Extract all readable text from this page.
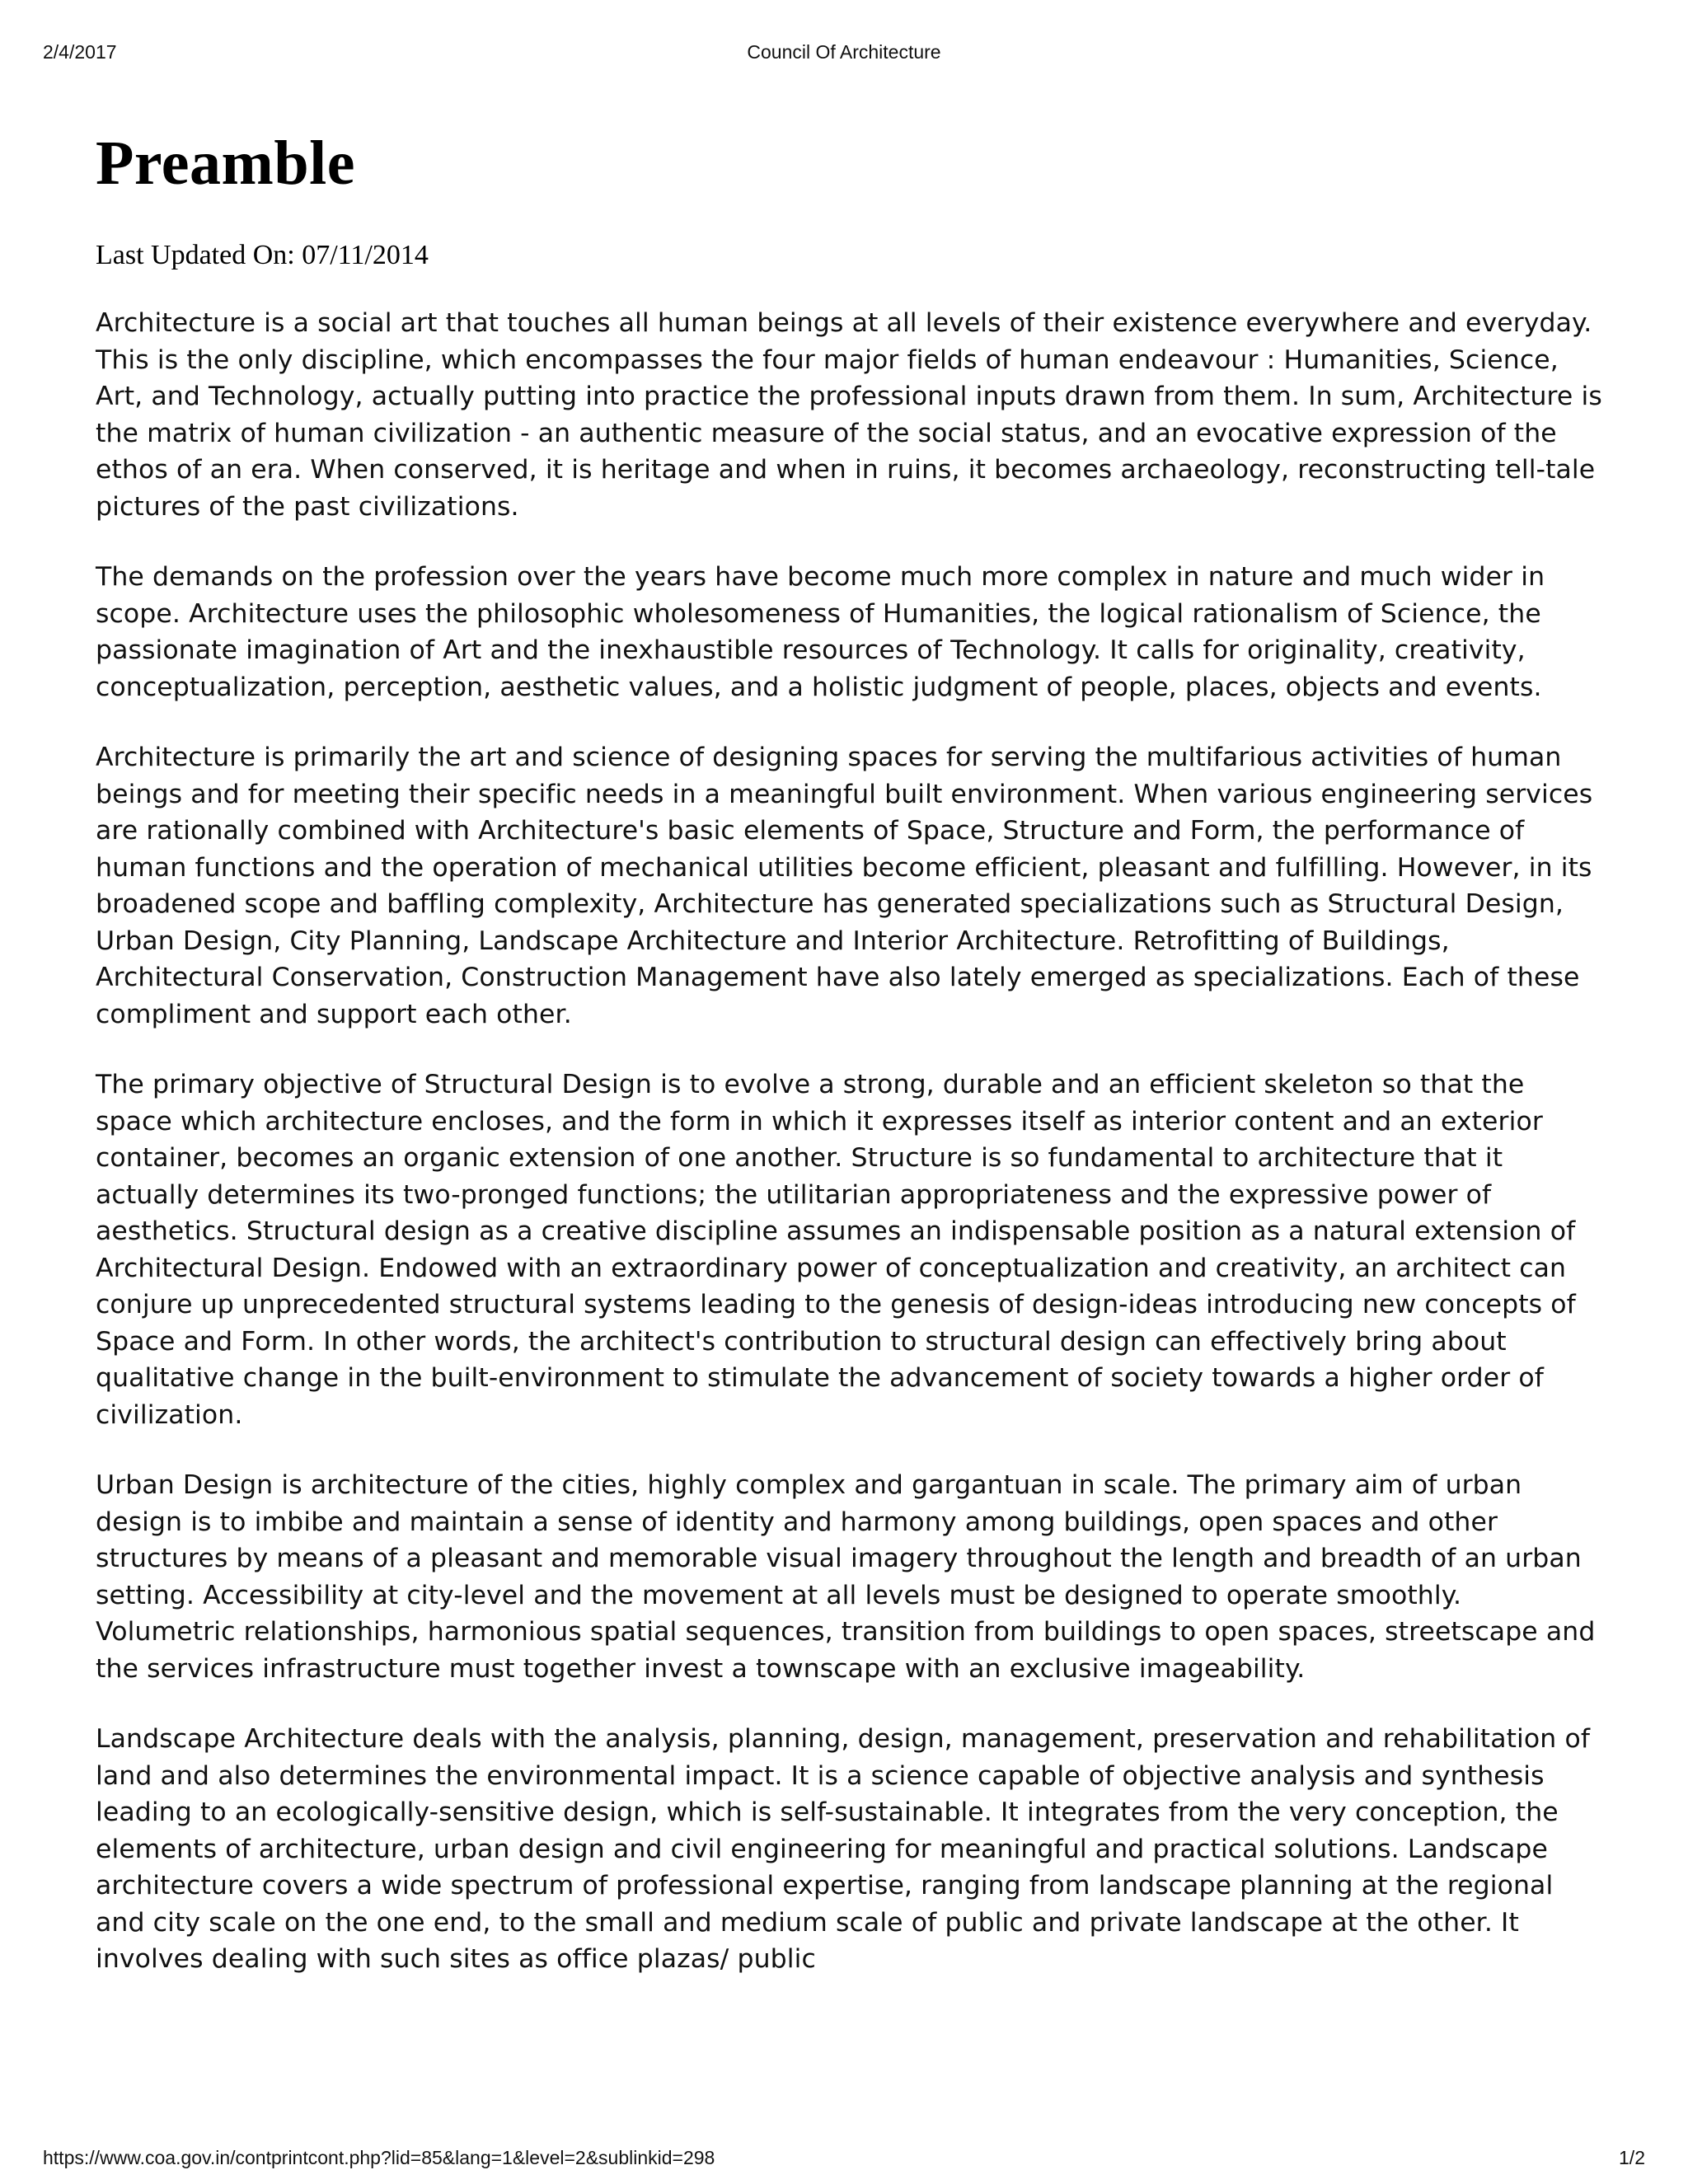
2/4/2017	Council Of Architecture
Preamble
Last Updated On: 07/11/2014

Architecture is a social art that touches all human beings at all levels of their existence everywhere and everyday. This is the only discipline, which encompasses the four major fields of human endeavour : Humanities, Science, Art, and Technology, actually putting into practice the professional inputs drawn from them. In sum, Architecture is the matrix of human civilization - an authentic measure of the social status, and an evocative expression of the ethos of an era. When conserved, it is heritage and when in ruins, it becomes archaeology, reconstructing tell-tale pictures of the past civilizations.

The demands on the profession over the years have become much more complex in nature and much wider in scope. Architecture uses the philosophic wholesomeness of Humanities, the logical rationalism of Science, the passionate imagination of Art and the inexhaustible resources of Technology. It calls for originality, creativity, conceptualization, perception, aesthetic values, and a holistic judgment of people, places, objects and events.

Architecture is primarily the art and science of designing spaces for serving the multifarious activities of human beings and for meeting their specific needs in a meaningful built environment. When various engineering services are rationally combined with Architecture's basic elements of Space, Structure and Form, the performance of human functions and the operation of mechanical utilities become efficient, pleasant and fulfilling. However, in its broadened scope and baffling complexity, Architecture has generated specializations such as Structural Design, Urban Design, City Planning, Landscape Architecture and Interior Architecture. Retrofitting of Buildings, Architectural Conservation, Construction Management have also lately emerged as specializations. Each of these compliment and support each other.

The primary objective of Structural Design is to evolve a strong, durable and an efficient skeleton so that the space which architecture encloses, and the form in which it expresses itself as interior content and an exterior container, becomes an organic extension of one another. Structure is so fundamental to architecture that it actually determines its two-pronged functions; the utilitarian appropriateness and the expressive power of aesthetics. Structural design as a creative discipline assumes an indispensable position as a natural extension of Architectural Design. Endowed with an extraordinary power of conceptualization and creativity, an architect can conjure up unprecedented structural systems leading to the genesis of design-ideas introducing new concepts of Space and Form. In other words, the architect's contribution to structural design can effectively bring about qualitative change in the built-environment to stimulate the advancement of society towards a higher order of civilization.

Urban Design is architecture of the cities, highly complex and gargantuan in scale. The primary aim of urban design is to imbibe and maintain a sense of identity and harmony among buildings, open spaces and other structures by means of a pleasant and memorable visual imagery throughout the length and breadth of an urban setting. Accessibility at city-level and the movement at all levels must be designed to operate smoothly. Volumetric relationships, harmonious spatial sequences, transition from buildings to open spaces, streetscape and the services infrastructure must together invest a townscape with an exclusive imageability.

Landscape Architecture deals with the analysis, planning, design, management, preservation and rehabilitation of land and also determines the environmental impact. It is a science capable of objective analysis and synthesis leading to an ecologically-sensitive design, which is self-sustainable. It integrates from the very conception, the elements of architecture, urban design and civil engineering for meaningful and practical solutions. Landscape architecture covers a wide spectrum of professional expertise, ranging from landscape planning at the regional and city scale on the one end, to the small and medium scale of public and private landscape at the other. It involves dealing with such sites as office plazas/ public

https://www.coa.gov.in/contprintcont.php?lid=85&lang=1&level=2&sublinkid=298	1/2
